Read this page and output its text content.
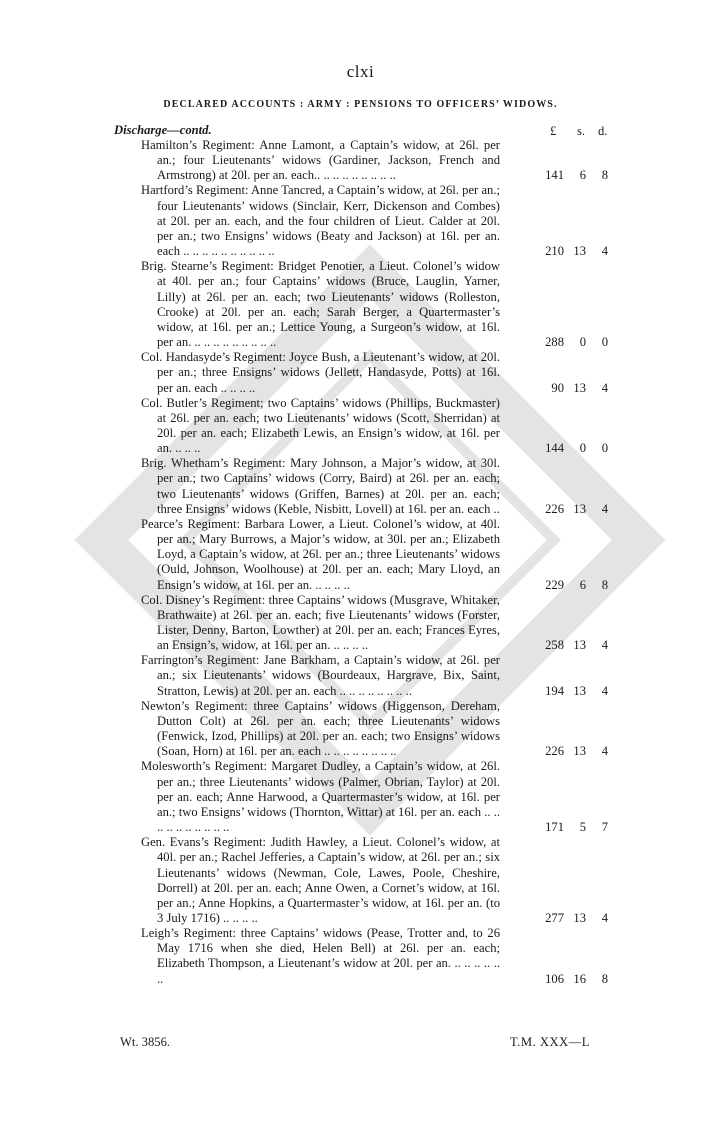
clxi
DECLARED ACCOUNTS : ARMY : PENSIONS TO OFFICERS’ WIDOWS.
Discharge—contd.	£ s. d.
Hamilton’s Regiment: Anne Lamont, a Captain’s widow, at 26l. per an.; four Lieutenants’ widows (Gardiner, Jackson, French and Armstrong) at 20l. per an. each.. .. .. .. .. .. .. .. ..	141 6 8
Hartford’s Regiment: Anne Tancred, a Captain’s widow, at 26l. per an.; four Lieutenants’ widows (Sinclair, Kerr, Dickenson and Combes) at 20l. per an. each, and the four children of Lieut. Calder at 20l. per an.; two Ensigns’ widows (Beaty and Jackson) at 16l. per an. each .. .. .. .. .. .. .. .. .. ..	210 13 4
Brig. Stearne’s Regiment: Bridget Penotier, a Lieut. Colonel’s widow at 40l. per an.; four Captains’ widows (Bruce, Lauglin, Yarner, Lilly) at 26l. per an. each; two Lieutenants’ widows (Rolleston, Crooke) at 20l. per an. each; Sarah Berger, a Quartermaster’s widow, at 16l. per an.; Lettice Young, a Surgeon’s widow, at 16l. per an. .. .. .. .. .. .. .. .. ..	288 0 0
Col. Handasyde’s Regiment: Joyce Bush, a Lieutenant’s widow, at 20l. per an.; three Ensigns’ widows (Jellett, Handasyde, Potts) at 16l. per an. each .. .. .. ..	90 13 4
Col. Butler’s Regiment; two Captains’ widows (Phillips, Buckmaster) at 26l. per an. each; two Lieutenants’ widows (Scott, Sherridan) at 20l. per an. each; Elizabeth Lewis, an Ensign’s widow, at 16l. per an. .. .. ..	144 0 0
Brig. Whetham’s Regiment: Mary Johnson, a Major’s widow, at 30l. per an.; two Captains’ widows (Corry, Baird) at 26l. per an. each; two Lieutenants’ widows (Griffen, Barnes) at 20l. per an. each; three Ensigns’ widows (Keble, Nisbitt, Lovell) at 16l. per an. each ..	226 13 4
Pearce’s Regiment: Barbara Lower, a Lieut. Colonel’s widow, at 40l. per an.; Mary Burrows, a Major’s widow, at 30l. per an.; Elizabeth Loyd, a Captain’s widow, at 26l. per an.; three Lieutenants’ widows (Ould, Johnson, Woolhouse) at 20l. per an. each; Mary Lloyd, an Ensign’s widow, at 16l. per an. .. .. .. ..	229 6 8
Col. Disney’s Regiment: three Captains’ widows (Musgrave, Whitaker, Brathwaite) at 26l. per an. each; five Lieutenants’ widows (Forster, Lister, Denny, Barton, Lowther) at 20l. per an. each; Frances Eyres, an Ensign’s, widow, at 16l. per an. .. .. .. ..	258 13 4
Farrington’s Regiment: Jane Barkham, a Captain’s widow, at 26l. per an.; six Lieutenants’ widows (Bourdeaux, Hargrave, Bix, Saint, Stratton, Lewis) at 20l. per an. each .. .. .. .. .. .. .. ..	194 13 4
Newton’s Regiment: three Captains’ widows (Higgenson, Dereham, Dutton Colt) at 26l. per an. each; three Lieutenants’ widows (Fenwick, Izod, Phillips) at 20l. per an. each; two Ensigns’ widows (Soan, Horn) at 16l. per an. each .. .. .. .. .. .. .. ..	226 13 4
Molesworth’s Regiment: Margaret Dudley, a Captain’s widow, at 26l. per an.; three Lieutenants’ widows (Palmer, Obrian, Taylor) at 20l. per an. each; Anne Harwood, a Quartermaster’s widow, at 16l. per an.; two Ensigns’ widows (Thornton, Wittar) at 16l. per an. each .. .. .. .. .. .. .. .. .. ..	171 5 7
Gen. Evans’s Regiment: Judith Hawley, a Lieut. Colonel’s widow, at 40l. per an.; Rachel Jefferies, a Captain’s widow, at 26l. per an.; six Lieutenants’ widows (Newman, Cole, Lawes, Poole, Cheshire, Dorrell) at 20l. per an. each; Anne Owen, a Cornet’s widow, at 16l. per an.; Anne Hopkins, a Quartermaster’s widow, at 16l. per an. (to 3 July 1716) .. .. .. ..	277 13 4
Leigh’s Regiment: three Captains’ widows (Pease, Trotter and, to 26 May 1716 when she died, Helen Bell) at 26l. per an. each; Elizabeth Thompson, a Lieutenant’s widow at 20l. per an. .. .. .. .. .. ..	106 16 8
Wt. 3856.	T.M. XXX—L
